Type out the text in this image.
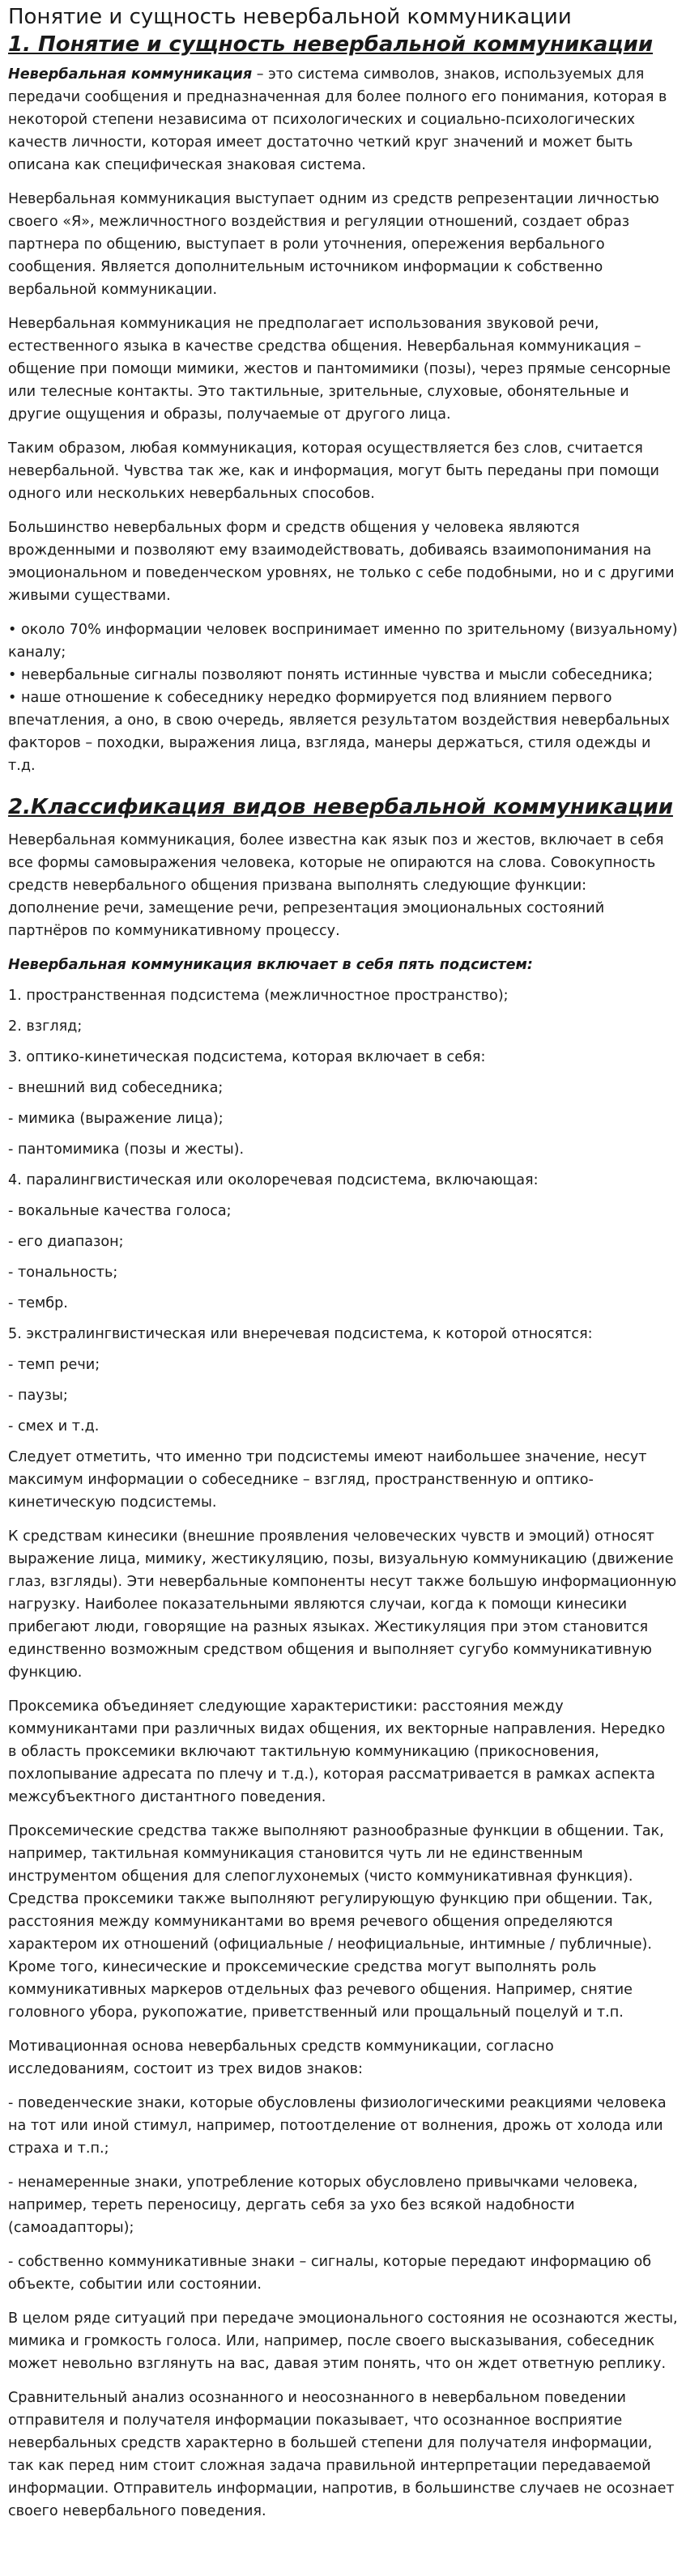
Понятие и сущность невербальной коммуникации
1. Понятие и сущность невербальной коммуникации

Невербальная коммуникация – это система символов, знаков, используемых для передачи сообщения и предназначенная для более полного его понимания, которая в некоторой степени независима от психологических и социально-психологических качеств личности, которая имеет достаточно четкий круг значений и может быть описана как специфическая знаковая система.

Невербальная коммуникация выступает одним из средств репрезентации личностью своего «Я», межличностного воздействия и регуляции отношений, создает образ партнера по общению, выступает в роли уточнения, опережения вербального сообщения. Является дополнительным источником информации к собственно вербальной коммуникации.

Невербальная коммуникация не предполагает использования звуковой речи, естественного языка в качестве средства общения. Невербальная коммуникация – общение при помощи мимики, жестов и пантомимики (позы), через прямые сенсорные или телесные контакты. Это тактильные, зрительные, слуховые, обонятельные и другие ощущения и образы, получаемые от другого лица.

Таким образом, любая коммуникация, которая осуществляется без слов, считается невербальной. Чувства так же, как и информация, могут быть переданы при помощи одного или нескольких невербальных способов.

Большинство невербальных форм и средств общения у человека являются врожденными и позволяют ему взаимодействовать, добиваясь взаимопонимания на эмоциональном и поведенческом уровнях, не только с себе подобными, но и с другими живыми существами.

• около 70% информации человек воспринимает именно по зрительному (визуальному) каналу;

• невербальные сигналы позволяют понять истинные чувства и мысли собеседника;

• наше отношение к собеседнику нередко формируется под влиянием первого впечатления, а оно, в свою очередь, является результатом воздействия невербальных факторов – походки, выражения лица, взгляда, манеры держаться, стиля одежды и т.д.

2.Классификация видов невербальной коммуникации

Невербальная коммуникация, более известна как язык поз и жестов, включает в себя все формы самовыражения человека, которые не опираются на слова. Совокупность средств невербального общения призвана выполнять следующие функции: дополнение речи, замещение речи, репрезентация эмоциональных состояний партнёров по коммуникативному процессу.

Невербальная коммуникация включает в себя пять подсистем:

1. пространственная подсистема (межличностное пространство);

2. взгляд;

3. оптико-кинетическая подсистема, которая включает в себя:

- внешний вид собеседника;

- мимика (выражение лица);

- пантомимика (позы и жесты).

4. паралингвистическая или околоречевая подсистема, включающая:

- вокальные качества голоса;

- его диапазон;

- тональность;

- тембр.

5. экстралингвистическая или внеречевая подсистема, к которой относятся:

- темп речи;

- паузы;

- смех и т.д.

Следует отметить, что именно три подсистемы имеют наибольшее значение, несут максимум информации о собеседнике – взгляд, пространственную и оптико-кинетическую подсистемы.

К средствам кинесики (внешние проявления человеческих чувств и эмоций) относят выражение лица, мимику, жестикуляцию, позы, визуальную коммуникацию (движение глаз, взгляды). Эти невербальные компоненты несут также большую информационную нагрузку. Наиболее показательными являются случаи, когда к помощи кинесики прибегают люди, говорящие на разных языках. Жестикуляция при этом становится единственно возможным средством общения и выполняет сугубо коммуникативную функцию.

Проксемика объединяет следующие характеристики: расстояния между коммуникантами при различных видах общения, их векторные направления. Нередко в область проксемики включают тактильную коммуникацию (прикосновения, похлопывание адресата по плечу и т.д.), которая рассматривается в рамках аспекта межсубъектного дистантного поведения.

Проксемические средства также выполняют разнообразные функции в общении. Так, например, тактильная коммуникация становится чуть ли не единственным инструментом общения для слепоглухонемых (чисто коммуникативная функция). Средства проксемики также выполняют регулирующую функцию при общении. Так, расстояния между коммуникантами во время речевого общения определяются характером их отношений (официальные / неофициальные, интимные / публичные). Кроме того, кинесические и проксемические средства могут выполнять роль коммуникативных маркеров отдельных фаз речевого общения. Например, снятие головного убора, рукопожатие, приветственный или прощальный поцелуй и т.п.

Мотивационная основа невербальных средств коммуникации, согласно исследованиям, состоит из трех видов знаков:

- поведенческие знаки, которые обусловлены физиологическими реакциями человека на тот или иной стимул, например, потоотделение от волнения, дрожь от холода или страха и т.п.;

- ненамеренные знаки, употребление которых обусловлено привычками человека, например, тереть переносицу, дергать себя за ухо без всякой надобности (самоадапторы);

- собственно коммуникативные знаки – сигналы, которые передают информацию об объекте, событии или состоянии.

В целом ряде ситуаций при передаче эмоционального состояния не осознаются жесты, мимика и громкость голоса. Или, например, после своего высказывания, собеседник может невольно взглянуть на вас, давая этим понять, что он ждет ответную реплику.

Сравнительный анализ осознанного и неосознанного в невербальном поведении отправителя и получателя информации показывает, что осознанное восприятие невербальных средств характерно в большей степени для получателя информации, так как перед ним стоит сложная задача правильной интерпретации передаваемой информации. Отправитель информации, напротив, в большинстве случаев не осознает своего невербального поведения.
